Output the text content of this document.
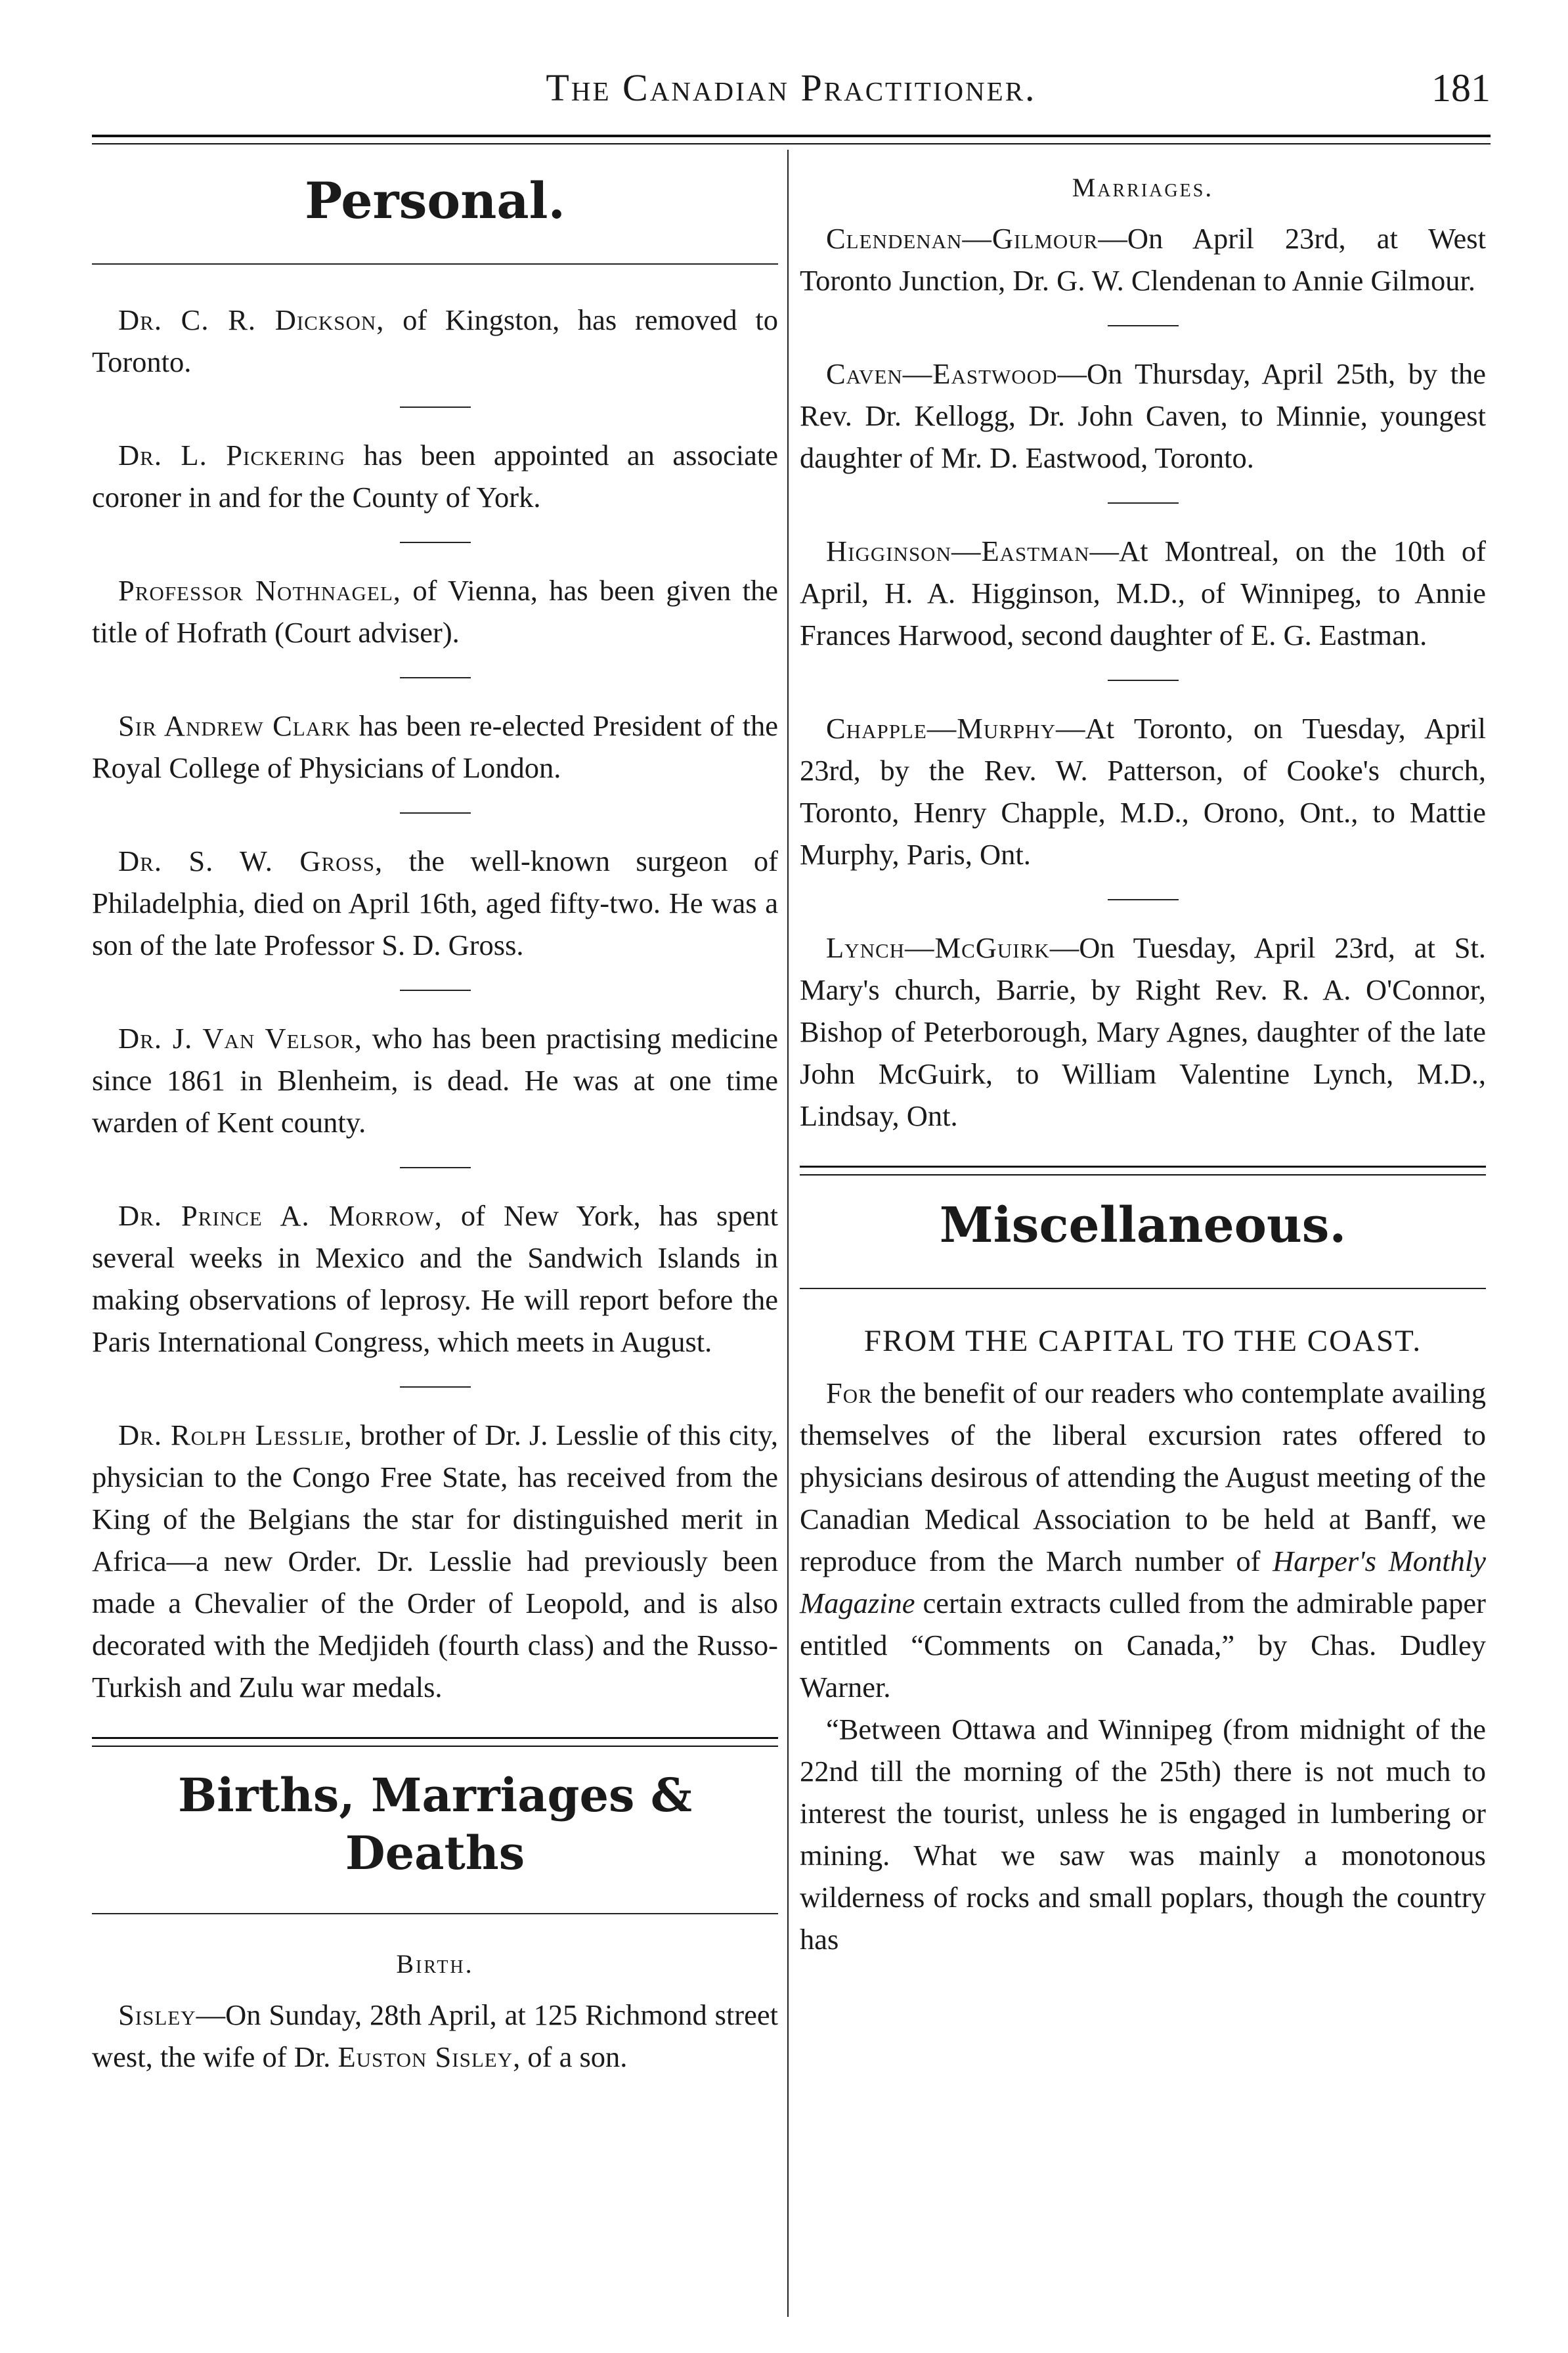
The Canadian Practitioner.	181
Personal.

Dr. C. R. Dickson, of Kingston, has removed to Toronto.

Dr. L. Pickering has been appointed an associate coroner in and for the County of York.

Professor Nothnagel, of Vienna, has been given the title of Hofrath (Court adviser).

Sir Andrew Clark has been re-elected President of the Royal College of Physicians of London.

Dr. S. W. Gross, the well-known surgeon of Philadelphia, died on April 16th, aged fifty-two. He was a son of the late Professor S. D. Gross.

Dr. J. Van Velsor, who has been practising medicine since 1861 in Blenheim, is dead. He was at one time warden of Kent county.

Dr. Prince A. Morrow, of New York, has spent several weeks in Mexico and the Sandwich Islands in making observations of leprosy. He will report before the Paris International Congress, which meets in August.

Dr. Rolph Lesslie, brother of Dr. J. Lesslie of this city, physician to the Congo Free State, has received from the King of the Belgians the star for distinguished merit in Africa—a new Order. Dr. Lesslie had previously been made a Chevalier of the Order of Leopold, and is also decorated with the Medjideh (fourth class) and the Russo-Turkish and Zulu war medals.

Births, Marriages & Deaths
Birth.

Sisley—On Sunday, 28th April, at 125 Richmond street west, the wife of Dr. Euston Sisley, of a son.

Marriages.

Clendenan—Gilmour—On April 23rd, at West Toronto Junction, Dr. G. W. Clendenan to Annie Gilmour.

Caven—Eastwood—On Thursday, April 25th, by the Rev. Dr. Kellogg, Dr. John Caven, to Minnie, youngest daughter of Mr. D. Eastwood, Toronto.

Higginson—Eastman—At Montreal, on the 10th of April, H. A. Higginson, M.D., of Winnipeg, to Annie Frances Harwood, second daughter of E. G. Eastman.

Chapple—Murphy—At Toronto, on Tuesday, April 23rd, by the Rev. W. Patterson, of Cooke's church, Toronto, Henry Chapple, M.D., Orono, Ont., to Mattie Murphy, Paris, Ont.

Lynch—McGuirk—On Tuesday, April 23rd, at St. Mary's church, Barrie, by Right Rev. R. A. O'Connor, Bishop of Peterborough, Mary Agnes, daughter of the late John McGuirk, to William Valentine Lynch, M.D., Lindsay, Ont.

Miscellaneous.
FROM THE CAPITAL TO THE COAST.

For the benefit of our readers who contemplate availing themselves of the liberal excursion rates offered to physicians desirous of attending the August meeting of the Canadian Medical Association to be held at Banff, we reproduce from the March number of Harper's Monthly Magazine certain extracts culled from the admirable paper entitled “Comments on Canada,” by Chas. Dudley Warner.

“Between Ottawa and Winnipeg (from midnight of the 22nd till the morning of the 25th) there is not much to interest the tourist, unless he is engaged in lumbering or mining. What we saw was mainly a monotonous wilderness of rocks and small poplars, though the country has
